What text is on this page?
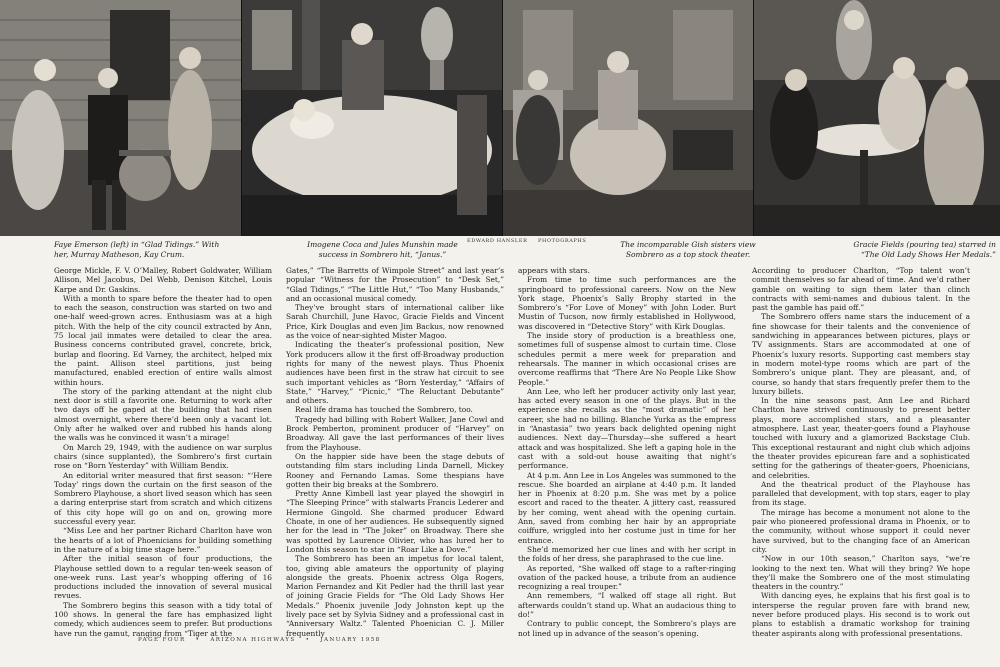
Faye Emerson (left) in “Glad Tidings.” With her, Murray Matheson, Kay Crum.
Imogene Coca and Jules Munshin made success in Sombrero hit, “Janus.”
EDWARD HANSLER PHOTOGRAPHS	The incomparable Gish sisters view Sombrero as a top stock theater.
Gracie Fields (pouring tea) starred in “The Old Lady Shows Her Medals.”

George Mickle, F. V. O’Malley, Robert Goldwater, William Allison, Mel Jacobus, Del Webb, Denison Kitchel, Louis Karpe and Dr. Gaskins.

With a month to spare before the theater had to open to each the season, construction was started on two and one-half weed-grown acres. Enthusiasm was at a high pitch. With the help of the city council extracted by Ann, 75 local jail inmates were detailed to clear the area. Business concerns contributed gravel, concrete, brick, burlap and flooring. Ed Varney, the architect, helped mix the paint. Allison steel partitions, just being manufactured, enabled erection of entire walls almost within hours.

The story of the parking attendant at the night club next door is still a favorite one. Returning to work after two days off he gaped at the building that had risen almost overnight, where there’d been only a vacant lot. Only after he walked over and rubbed his hands along the walls was he convinced it wasn’t a mirage!

On March 29, 1949, with the audience on war surplus chairs (since supplanted), the Sombrero’s first curtain rose on “Born Yesterday” with William Bendix.

An editorial writer measured that first season: “‘Here Today’ rings down the curtain on the first season of the Sombrero Playhouse, a short lived season which has seen a daring enterprise start from scratch and which citizens of this city hope will go on and on, growing more successful every year.

“Miss Lee and her partner Richard Charlton have won the hearts of a lot of Phoenicians for building something in the nature of a big time stage here.”

After the initial season of four productions, the Playhouse settled down to a regular ten-week season of one-week runs. Last year’s whopping offering of 16 productions included the innovation of several musical revues.

The Sombrero begins this season with a tidy total of 100 shows. In general the fare has emphasized light comedy, which audiences seem to prefer. But productions have run the gamut, ranging from “Tiger at the

Gates,” “The Barretts of Wimpole Street” and last year’s popular “Witness for the Prosecution” to “Desk Set,” “Glad Tidings,” “The Little Hut,” “Too Many Husbands,” and an occasional musical comedy.

They’ve brought stars of international caliber like Sarah Churchill, June Havoc, Gracie Fields and Vincent Price, Kirk Douglas and even Jim Backus, now renowned as the voice of near-sighted Mister Magoo.

Indicating the theater’s professional position, New York producers allow it the first off-Broadway production rights for many of the newest plays. Thus Phoenix audiences have been first in the straw hat circuit to see such important vehicles as “Born Yesterday,” “Affairs of State,” “Harvey,” “Picnic,” “The Reluctant Debutante” and others.

Real life drama has touched the Sombrero, too.

Tragedy had billing with Robert Walker, Jane Cowl and Brock Pemberton, prominent producer of “Harvey” on Broadway. All gave the last performances of their lives from the Playhouse.

On the happier side have been the stage debuts of outstanding film stars including Linda Darnell, Mickey Rooney and Fernando Lamas. Some thespians have gotten their big breaks at the Sombrero.

Pretty Anne Kimbell last year played the showgirl in “The Sleeping Prince” with stalwarts Francis Lederer and Hermione Gingold. She charmed producer Edward Choate, in one of her audiences. He subsequently signed her for the lead in “The Joker” on Broadway. There she was spotted by Laurence Olivier, who has lured her to London this season to star in “Roar Like a Dove.”

The Sombrero has been an impetus for local talent, too, giving able amateurs the opportunity of playing alongside the greats. Phoenix actress Olga Rogers, Marion Fernandez and Kit Pedler had the thrill last year of joining Gracie Fields for “The Old Lady Shows Her Medals.” Phoenix juvenile Jody Johnston kept up the lively pace set by Sylvia Sidney and a professional cast in “Anniversary Waltz.” Talented Phoenician C. J. Miller frequently

appears with stars.

From time to time such performances are the springboard to professional careers. Now on the New York stage, Phoenix’s Sally Brophy started in the Sombrero’s “For Love of Money” with John Loder. Burt Mustin of Tucson, now firmly established in Hollywood, was discovered in “Detective Story” with Kirk Douglas.

The inside story of production is a breathless one, sometimes full of suspense almost to curtain time. Close schedules permit a mere week for preparation and rehearsals. The manner in which occasional crises are overcome reaffirms that “There Are No People Like Show People.”

Ann Lee, who left her producer activity only last year, has acted every season in one of the plays. But in the experience she recalls as the “most dramatic” of her career, she had no billing. Blanche Yurka as the empress in “Anastasia” two years back delighted opening night audiences. Next day—Thursday—she suffered a heart attack and was hospitalized. She left a gaping hole in the cast with a sold-out house awaiting that night’s performance.

At 4 p.m. Ann Lee in Los Angeles was summoned to the rescue. She boarded an airplane at 4:40 p.m. It landed her in Phoenix at 8:20 p.m. She was met by a police escort and raced to the theater. A jittery cast, reassured by her coming, went ahead with the opening curtain. Ann, saved from combing her hair by an appropriate coiffure, wriggled into her costume just in time for her entrance.

She’d memorized her cue lines and with her script in the folds of her dress, she paraphrased to the cue line.

As reported, “She walked off stage to a rafter-ringing ovation of the packed house, a tribute from an audience recognizing a real trouper.”

Ann remembers, “I walked off stage all right. But afterwards couldn’t stand up. What an audacious thing to do!”

Contrary to public concept, the Sombrero’s plays are not lined up in advance of the season’s opening.

According to producer Charlton, “Top talent won’t commit themselves so far ahead of time. And we’d rather gamble on waiting to sign them later than clinch contracts with semi-names and dubious talent. In the past the gamble has paid off.”

The Sombrero offers name stars the inducement of a fine showcase for their talents and the convenience of sandwiching in appearances between pictures, plays or TV assignments. Stars are accommodated at one of Phoenix’s luxury resorts. Supporting cast members stay in modern motel-type rooms which are part of the Sombrero’s unique plant. They are pleasant, and, of course, so handy that stars frequently prefer them to the luxury billets.

In the nine seasons past, Ann Lee and Richard Charlton have strived continuously to present better plays, more accomplished stars, and a pleasanter atmosphere. Last year, theater-goers found a Playhouse touched with luxury and a glamorized Backstage Club. This exceptional restaurant and night club which adjoins the theater provides epicurean fare and a sophisticated setting for the gatherings of theater-goers, Phoenicians, and celebrities.

And the theatrical product of the Playhouse has paralleled that development, with top stars, eager to play from its stage.

The mirage has become a monument not alone to the pair who pioneered professional drama in Phoenix, or to the community, without whose support it could never have survived, but to the changing face of an American city.

“Now in our 10th season,” Charlton says, “we’re looking to the next ten. What will they bring? We hope they’ll make the Sombrero one of the most stimulating theaters in the country.”

With dancing eyes, he explains that his first goal is to intersperse the regular proven fare with brand new, never before produced plays. His second is to work out plans to establish a dramatic workshop for training theater aspirants along with professional presentations.

PAGE FOUR • ARIZONA HIGHWAYS • JANUARY 1958
